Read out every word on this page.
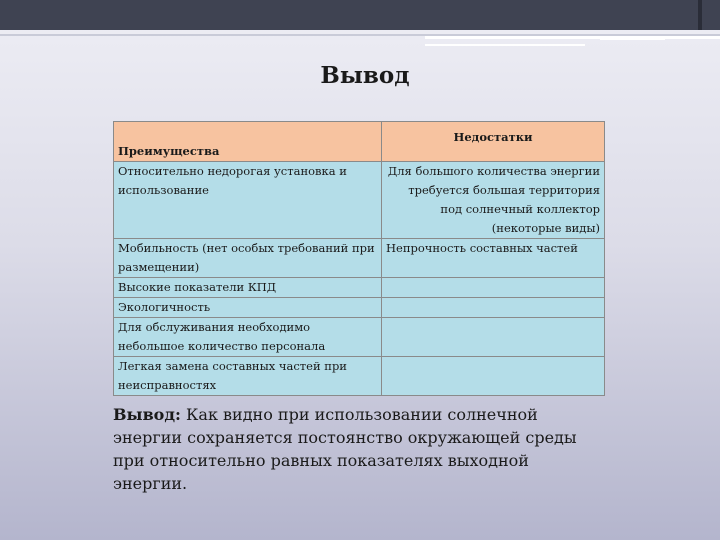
Вывод
Преимущества	Недостатки
Относительно недорогая установка и использование	Для большого количества энергии требуется большая территория под солнечный коллектор (некоторые виды)
Мобильность (нет особых требований при размещении)	Непрочность составных частей
Высокие показатели КПД	
Экологичность	
Для обслуживания необходимо небольшое количество персонала	
Легкая замена составных частей при неисправностях	
Вывод: Как видно при использовании солнечной энергии сохраняется постоянство окружающей среды при относительно равных показателях выходной энергии.
